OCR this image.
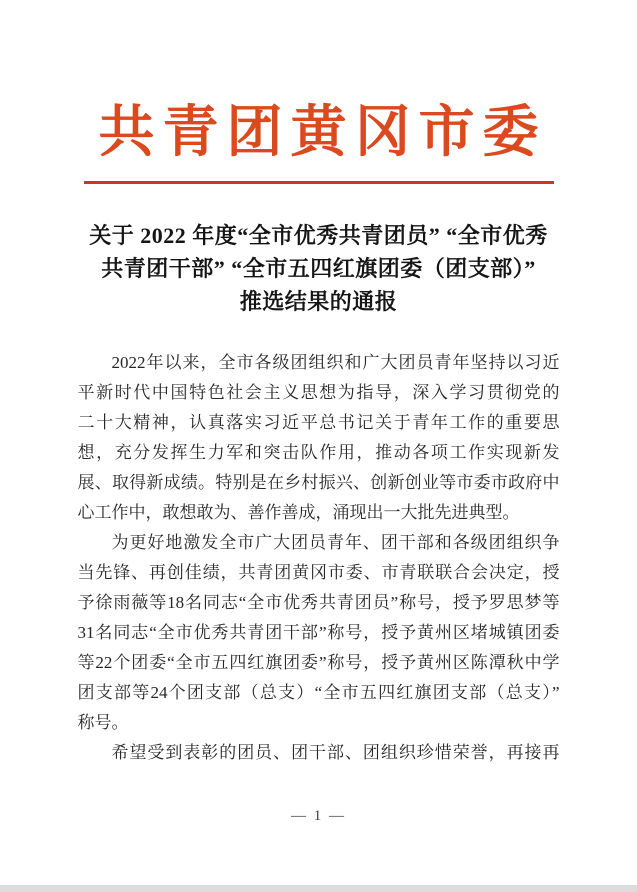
共青团黄冈市委
关于 2022 年度“全市优秀共青团员” “全市优秀
共青团干部” “全市五四红旗团委（团支部）”
推选结果的通报
2022年以来，全市各级团组织和广大团员青年坚持以习近
平新时代中国特色社会主义思想为指导，深入学习贯彻党的
二十大精神，认真落实习近平总书记关于青年工作的重要思
想，充分发挥生力军和突击队作用，推动各项工作实现新发
展、取得新成绩。特别是在乡村振兴、创新创业等市委市政府中
心工作中，敢想敢为、善作善成，涌现出一大批先进典型。
为更好地激发全市广大团员青年、团干部和各级团组织争
当先锋、再创佳绩，共青团黄冈市委、市青联联合会决定，授
予徐雨薇等18名同志“全市优秀共青团员”称号，授予罗思梦等
31名同志“全市优秀共青团干部”称号，授予黄州区堵城镇团委
等22个团委“全市五四红旗团委”称号，授予黄州区陈潭秋中学
团支部等24个团支部（总支）“全市五四红旗团支部（总支）”
称号。
希望受到表彰的团员、团干部、团组织珍惜荣誉，再接再
— 1 —
